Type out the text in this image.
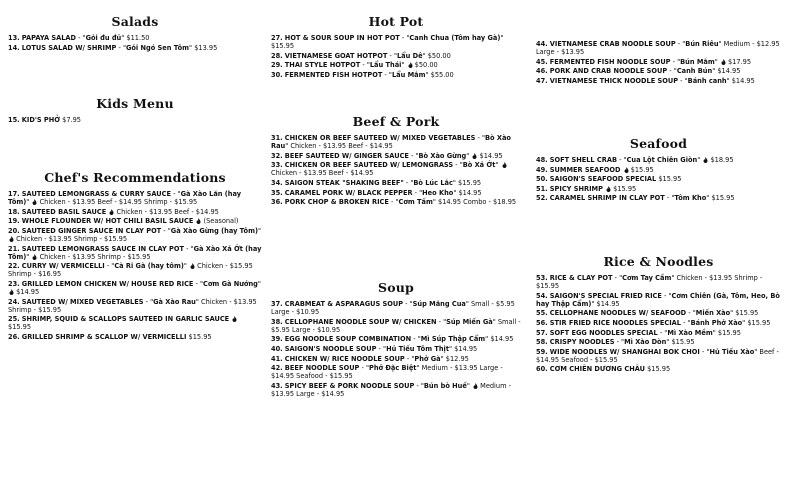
Salads
13. PAPAYA SALAD - "Gỏi đu đủ" $11.50
14. LOTUS SALAD W/ SHRIMP - "Gỏi Ngó Sen Tôm" $13.95
Kids Menu
15. KID'S PHỞ $7.95
Chef's Recommendations
17. SAUTEED LEMONGRASS & CURRY SAUCE - "Gà Xào Lăn (hay Tôm)" Chicken - $13.95 Beef - $14.95 Shrimp - $15.95
18. SAUTEED BASIL SAUCE Chicken - $13.95 Beef - $14.95
19. WHOLE FLOUNDER W/ HOT CHILI BASIL SAUCE (Seasonal)
20. SAUTEED GINGER SAUCE IN CLAY POT - "Gà Xào Gừng (hay Tôm)"
Chicken - $13.95 Shrimp - $15.95
21. SAUTEED LEMONGRASS SAUCE IN CLAY POT - "Gà Xào Xả Ớt (hay Tôm)" Chicken - $13.95 Shrimp - $15.95
22. CURRY W/ VERMICELLI - "Cà Ri Gà (hay tôm)" Chicken - $15.95 Shrimp - $16.95
23. GRILLED LEMON CHICKEN W/ HOUSE RED RICE - "Cơm Gà Nướng"
$14.95
24. SAUTEED W/ MIXED VEGETABLES - "Gà Xào Rau" Chicken - $13.95 Shrimp - $15.95
25. SHRIMP, SQUID & SCALLOPS SAUTEED IN GARLIC SAUCE
$15.95
26. GRILLED SHRIMP & SCALLOP W/ VERMICELLI $15.95
Hot Pot
27. HOT & SOUR SOUP IN HOT POT - "Canh Chua (Tôm hay Gà)" $15.95
28. VIETNAMESE GOAT HOTPOT - "Lẩu Dê" $50.00
29. THAI STYLE HOTPOT - "Lẩu Thái" $50.00
30. FERMENTED FISH HOTPOT - "Lẩu Mắm" $55.00
Beef & Pork
31. CHICKEN OR BEEF SAUTEED W/ MIXED VEGETABLES - "Bò Xào Rau" Chicken - $13.95 Beef - $14.95
32. BEEF SAUTEED W/ GINGER SAUCE - "Bò Xào Gừng" $14.95
33. CHICKEN OR BEEF SAUTEED W/ LEMONGRASS - "Bò Xả Ớt"
Chicken - $13.95 Beef - $14.95
34. SAIGON STEAK "SHAKING BEEF" - "Bò Lúc Lắc" $15.95
35. CARAMEL PORK W/ BLACK PEPPER - "Heo Kho" $14.95
36. PORK CHOP & BROKEN RICE - "Cơm Tấm" $14.95 Combo - $18.95
Soup
37. CRABMEAT & ASPARAGUS SOUP - "Súp Măng Cua" Small - $5.95 Large - $10.95
38. CELLOPHANE NOODLE SOUP W/ CHICKEN - "Súp Miến Gà" Small - $5.95 Large - $10.95
39. EGG NOODLE SOUP COMBINATION - "Mì Súp Thập Cẩm" $14.95
40. SAIGON'S NOODLE SOUP - "Hủ Tiếu Tôm Thịt" $14.95
41. CHICKEN W/ RICE NOODLE SOUP - "Phở Gà" $12.95
42. BEEF NOODLE SOUP - "Phở Đặc Biệt" Medium - $13.95 Large - $14.95 Seafood - $15.95
43. SPICY BEEF & PORK NOODLE SOUP - "Bún bò Huế" Medium - $13.95 Large - $14.95
44. VIETNAMESE CRAB NOODLE SOUP - "Bún Riêu" Medium - $12.95 Large - $13.95
45. FERMENTED FISH NOODLE SOUP - "Bún Mắm" $17.95
46. PORK AND CRAB NOODLE SOUP - "Canh Bún" $14.95
47. VIETNAMESE THICK NOODLE SOUP - "Bánh canh" $14.95
Seafood
48. SOFT SHELL CRAB - "Cua Lột Chiên Giòn" $18.95
49. SUMMER SEAFOOD $15.95
50. SAIGON'S SEAFOOD SPECIAL $15.95
51. SPICY SHRIMP $15.95
52. CARAMEL SHRIMP IN CLAY POT - "Tôm Kho" $15.95
Rice & Noodles
53. RICE & CLAY POT - "Cơm Tay Cầm" Chicken - $13.95 Shrimp - $15.95
54. SAIGON'S SPECIAL FRIED RICE - "Cơm Chiên (Gà, Tôm, Heo, Bò hay Thập Cẩm)" $14.95
55. CELLOPHANE NOODLES W/ SEAFOOD - "Miến Xào" $15.95
56. STIR FRIED RICE NOODLES SPECIAL - "Bánh Phở Xào" $15.95
57. SOFT EGG NOODLES SPECIAL - "Mì Xào Mềm" $15.95
58. CRISPY NOODLES - "Mì Xào Dòn" $15.95
59. WIDE NOODLES W/ SHANGHAI BOK CHOI - "Hủ Tiếu Xào" Beef - $14.95 Seafood - $15.95
60. CƠM CHIÊN DƯƠNG CHÂU $15.95
